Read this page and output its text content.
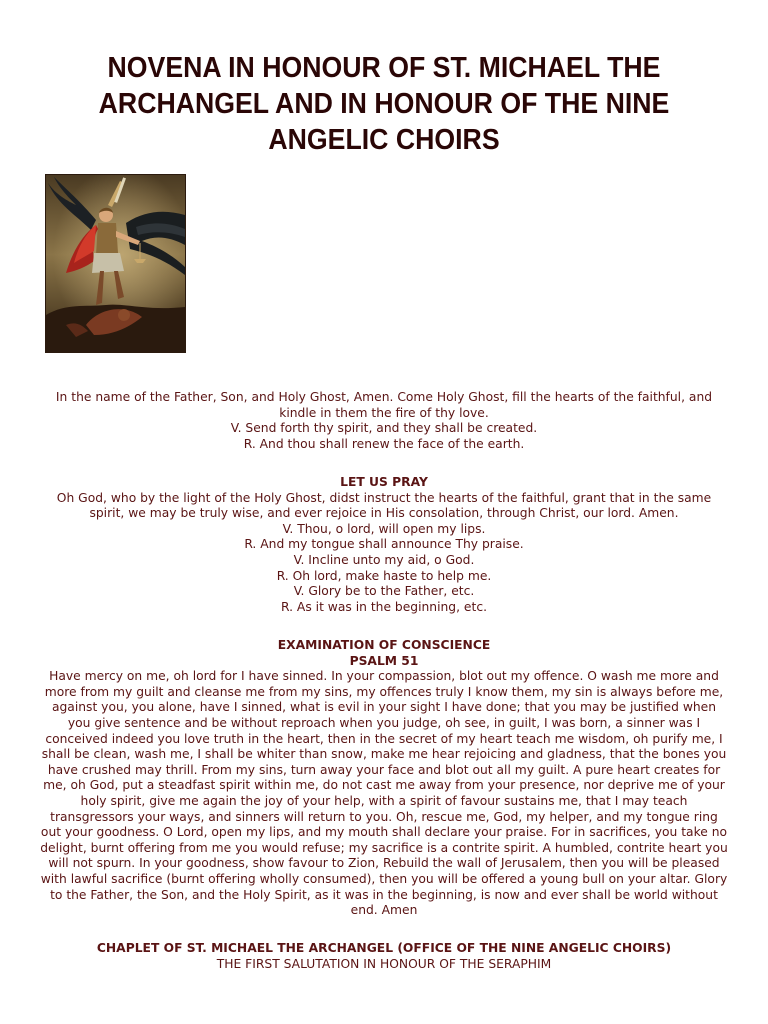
NOVENA IN HONOUR OF ST. MICHAEL THE ARCHANGEL AND IN HONOUR OF THE NINE ANGELIC CHOIRS

In the name of the Father, Son, and Holy Ghost, Amen. Come Holy Ghost, fill the hearts of the faithful, and kindle in them the fire of thy love.

V. Send forth thy spirit, and they shall be created.

R. And thou shall renew the face of the earth.

LET US PRAY

Oh God, who by the light of the Holy Ghost, didst instruct the hearts of the faithful, grant that in the same spirit, we may be truly wise, and ever rejoice in His consolation, through Christ, our lord. Amen.

V. Thou, o lord, will open my lips.

R. And my tongue shall announce Thy praise.

V. Incline unto my aid, o God.

R. Oh lord, make haste to help me.

V. Glory be to the Father, etc.

R. As it was in the beginning, etc.

EXAMINATION OF CONSCIENCE

PSALM 51

Have mercy on me, oh lord for I have sinned. In your compassion, blot out my offence. O wash me more and more from my guilt and cleanse me from my sins, my offences truly I know them, my sin is always before me, against you, you alone, have I sinned, what is evil in your sight I have done; that you may be justified when you give sentence and be without reproach when you judge, oh see, in guilt, I was born, a sinner was I conceived indeed you love truth in the heart, then in the secret of my heart teach me wisdom, oh purify me, I shall be clean, wash me, I shall be whiter than snow, make me hear rejoicing and gladness, that the bones you have crushed may thrill. From my sins, turn away your face and blot out all my guilt. A pure heart creates for me, oh God, put a steadfast spirit within me, do not cast me away from your presence, nor deprive me of your holy spirit, give me again the joy of your help, with a spirit of favour sustains me, that I may teach transgressors your ways, and sinners will return to you. Oh, rescue me, God, my helper, and my tongue ring out your goodness. O Lord, open my lips, and my mouth shall declare your praise. For in sacrifices, you take no delight, burnt offering from me you would refuse; my sacrifice is a contrite spirit. A humbled, contrite heart you will not spurn. In your goodness, show favour to Zion, Rebuild the wall of Jerusalem, then you will be pleased with lawful sacrifice (burnt offering wholly consumed), then you will be offered a young bull on your altar. Glory to the Father, the Son, and the Holy Spirit, as it was in the beginning, is now and ever shall be world without end. Amen

CHAPLET OF ST. MICHAEL THE ARCHANGEL (OFFICE OF THE NINE ANGELIC CHOIRS)

THE FIRST SALUTATION IN HONOUR OF THE SERAPHIM
